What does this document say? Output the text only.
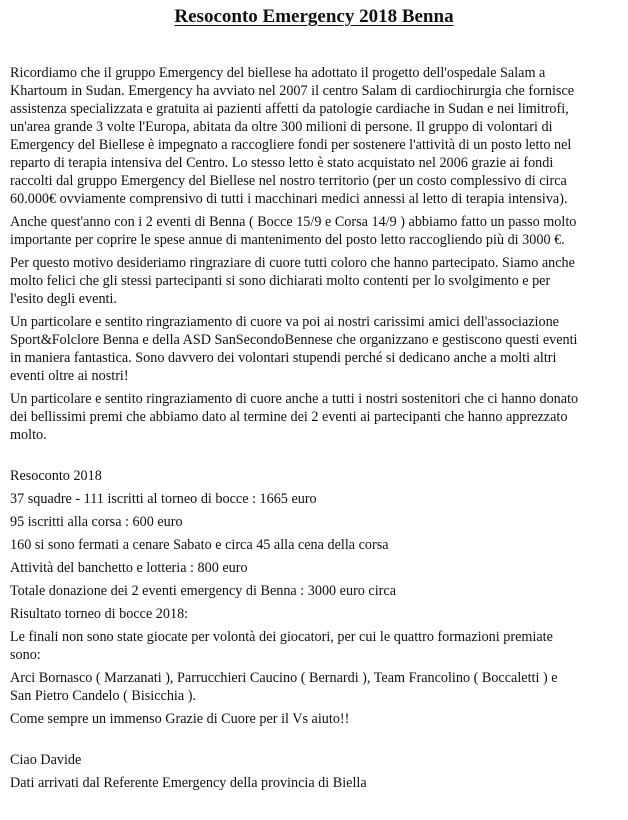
Resoconto Emergency 2018 Benna
Ricordiamo che il gruppo Emergency del biellese ha adottato il progetto dell'ospedale Salam a
Khartoum in Sudan. Emergency ha avviato nel 2007 il centro Salam di cardiochirurgia che fornisce
assistenza specializzata e gratuita ai pazienti affetti da patologie cardiache in Sudan e nei limitrofi,
un'area grande 3 volte l'Europa, abitata da oltre 300 milioni di persone. Il gruppo di volontari di
Emergency del Biellese è impegnato a raccogliere fondi per sostenere l'attività di un posto letto nel
reparto di terapia intensiva del Centro. Lo stesso letto è stato acquistato nel 2006 grazie ai fondi
raccolti dal gruppo Emergency del Biellese nel nostro territorio (per un costo complessivo di circa
60.000€ ovviamente comprensivo di tutti i macchinari medici annessi al letto di terapia intensiva).
Anche quest'anno con i 2 eventi di Benna ( Bocce 15/9 e Corsa 14/9 ) abbiamo fatto un passo molto
importante per coprire le spese annue di mantenimento del posto letto raccogliendo più di 3000 €.
Per questo motivo desideriamo ringraziare di cuore tutti coloro che hanno partecipato. Siamo anche
molto felici che gli stessi partecipanti si sono dichiarati molto contenti per lo svolgimento e per
l'esito degli eventi.
Un particolare e sentito ringraziamento di cuore va poi ai nostri carissimi amici dell'associazione
Sport&Folclore Benna e della ASD SanSecondoBennese che organizzano e gestiscono questi eventi
in maniera fantastica. Sono davvero dei volontari stupendi perché si dedicano anche a molti altri
eventi oltre ai nostri!
Un particolare e sentito ringraziamento di cuore anche a tutti i nostri sostenitori che ci hanno donato
dei bellissimi premi che abbiamo dato al termine dei 2 eventi ai partecipanti che hanno apprezzato
molto.
Resoconto 2018
37 squadre - 111 iscritti al torneo di bocce : 1665 euro
95 iscritti alla corsa : 600 euro
160 si sono fermati a cenare Sabato e circa 45 alla cena della corsa
Attività del banchetto e lotteria : 800 euro
Totale donazione dei 2 eventi emergency di Benna : 3000 euro circa
Risultato torneo di bocce 2018:
Le finali non sono state giocate per volontà dei giocatori, per cui le quattro formazioni premiate
sono:
Arci Bornasco ( Marzanati ), Parrucchieri Caucino ( Bernardi ), Team Francolino ( Boccaletti ) e
San Pietro Candelo ( Bisicchia ).
Come sempre un immenso Grazie di Cuore per il Vs aiuto!!
Ciao Davide
Dati arrivati dal Referente Emergency della provincia di Biella
